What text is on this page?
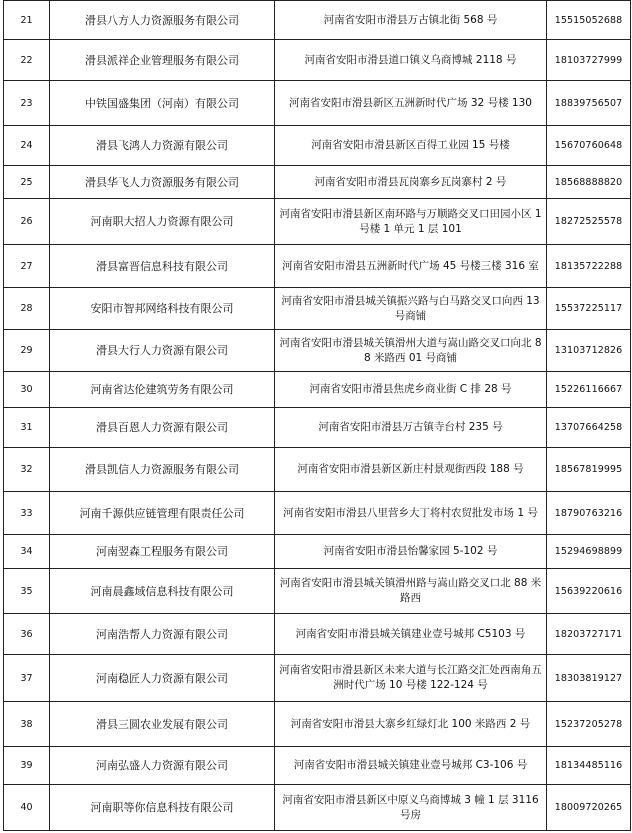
21	滑县八方人力资源服务有限公司	河南省安阳市滑县万古镇北街 568 号	15515052688
22	滑县派祥企业管理服务有限公司	河南省安阳市滑县道口镇义乌商博城 2118 号	18103727999
23	中铁国盛集团（河南）有限公司	河南省安阳市滑县新区五洲新时代广场 32 号楼 130	18839756507
24	滑县飞鸿人力资源有限公司	河南省安阳市滑县新区百得工业园 15 号楼	15670760648
25	滑县华飞人力资源服务有限公司	河南省安阳市滑县瓦岗寨乡瓦岗寨村 2 号	18568888820
26	河南职大招人力资源有限公司	河南省安阳市滑县新区南环路与万顺路交叉口田园小区 1 号楼 1 单元 1 层 101	18272525578
27	滑县富晋信息科技有限公司	河南省安阳市滑县五洲新时代广场 45 号楼三楼 316 室	18135722288
28	安阳市智邦网络科技有限公司	河南省安阳市滑县城关镇振兴路与白马路交叉口向西 13 号商铺	15537225117
29	滑县大行人力资源有限公司	河南省安阳市滑县城关镇滑州大道与嵩山路交叉口向北 88 米路西 01 号商铺	13103712826
30	河南省达伦建筑劳务有限公司	河南省安阳市滑县焦虎乡商业街 C 排 28 号	15226116667
31	滑县百恩人力资源有限公司	河南省安阳市滑县万古镇寺台村 235 号	13707664258
32	滑县凯信人力资源服务有限公司	河南省安阳市滑县新区新庄村景观街西段 188 号	18567819995
33	河南千源供应链管理有限责任公司	河南省安阳市滑县八里营乡大丁将村农贸批发市场 1 号	18790763216
34	河南翌森工程服务有限公司	河南省安阳市滑县怡馨家园 5-102 号	15294698899
35	河南晨鑫域信息科技有限公司	河南省安阳市滑县城关镇滑州路与嵩山路交叉口北 88 米路西	15639220616
36	河南浩帮人力资源有限公司	河南省安阳市滑县城关镇建业壹号城邦 C5103 号	18203727171
37	河南稳匠人力资源有限公司	河南省安阳市滑县新区未来大道与长江路交汇处西南角五洲时代广场 10 号楼 122-124 号	18303819127
38	滑县三圆农业发展有限公司	河南省安阳市滑县大寨乡红绿灯北 100 米路西 2 号	15237205278
39	河南弘盛人力资源有限公司	河南省安阳市滑县城关镇建业壹号城邦 C3-106 号	18134485116
40	河南职等你信息科技有限公司	河南省安阳市滑县新区中原义乌商博城 3 幢 1 层 3116 号房	18009720265
